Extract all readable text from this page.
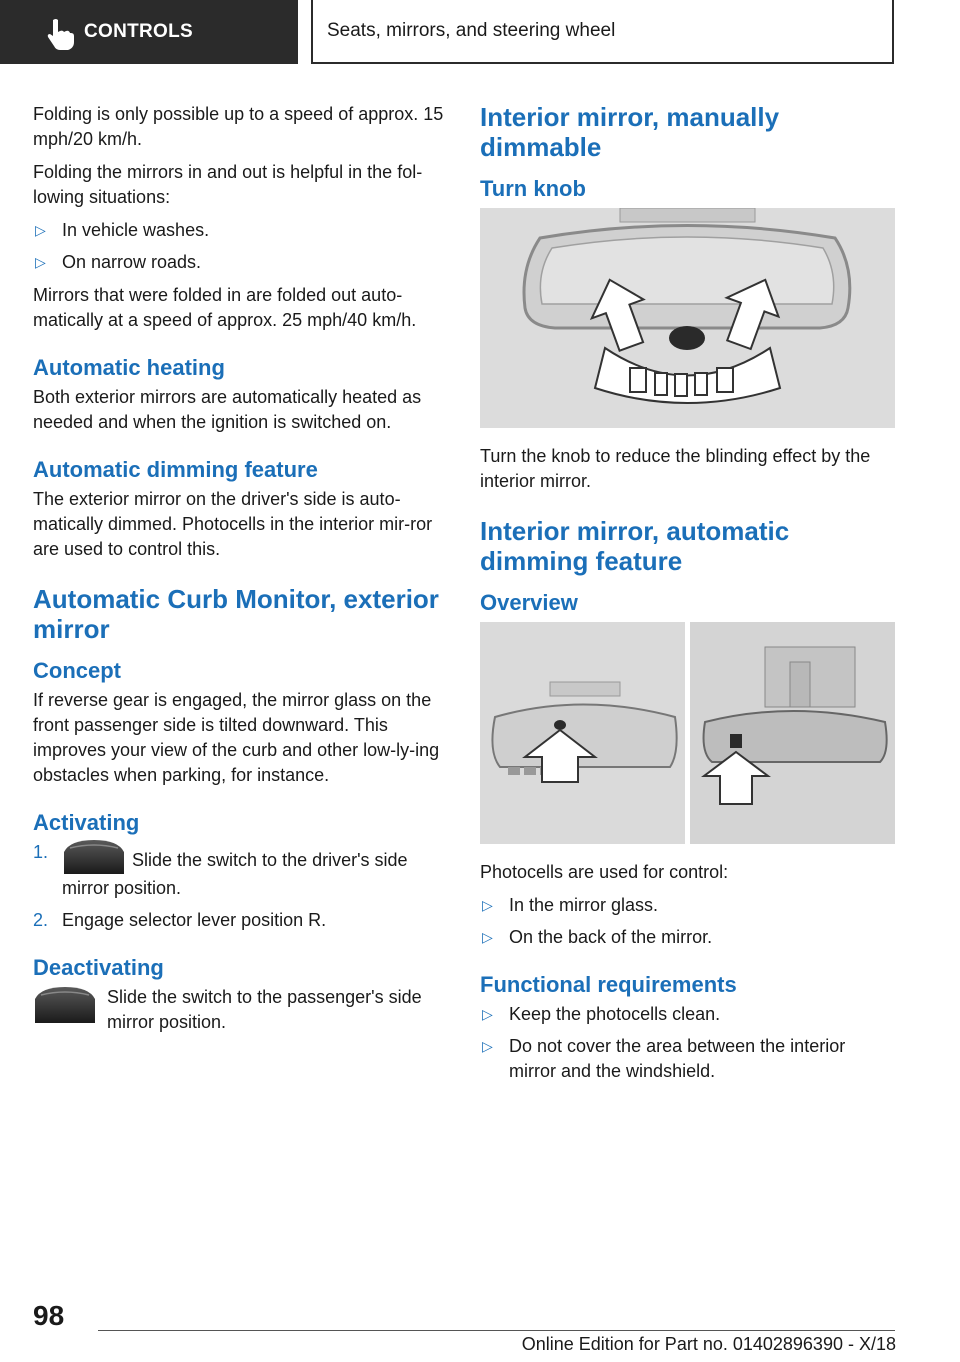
CONTROLS	Seats, mirrors, and steering wheel

Folding is only possible up to a speed of approx. 15 mph/20 km/h.

Folding the mirrors in and out is helpful in the fol‐lowing situations:

▷ In vehicle washes.
▷ On narrow roads.

Mirrors that were folded in are folded out auto‐matically at a speed of approx. 25 mph/40 km/h.

Automatic heating

Both exterior mirrors are automatically heated as needed and when the ignition is switched on.

Automatic dimming feature

The exterior mirror on the driver's side is auto‐matically dimmed. Photocells in the interior mir‐ror are used to control this.

Automatic Curb Monitor, exterior mirror
Concept

If reverse gear is engaged, the mirror glass on the front passenger side is tilted downward. This improves your view of the curb and other low-ly‐ing obstacles when parking, for instance.

Activating
1.	Slide the switch to the driver's side mirror position.
2. Engage selector lever position R.
Deactivating

Slide the switch to the passenger's side mirror position.

Interior mirror, manually dimmable
Turn knob

Turn the knob to reduce the blinding effect by the interior mirror.

Interior mirror, automatic dimming feature
Overview

Photocells are used for control:

▷ In the mirror glass.
▷ On the back of the mirror.
Functional requirements
▷ Keep the photocells clean.
▷ Do not cover the area between the interior mirror and the windshield.
98
Online Edition for Part no. 01402896390 - X/18
